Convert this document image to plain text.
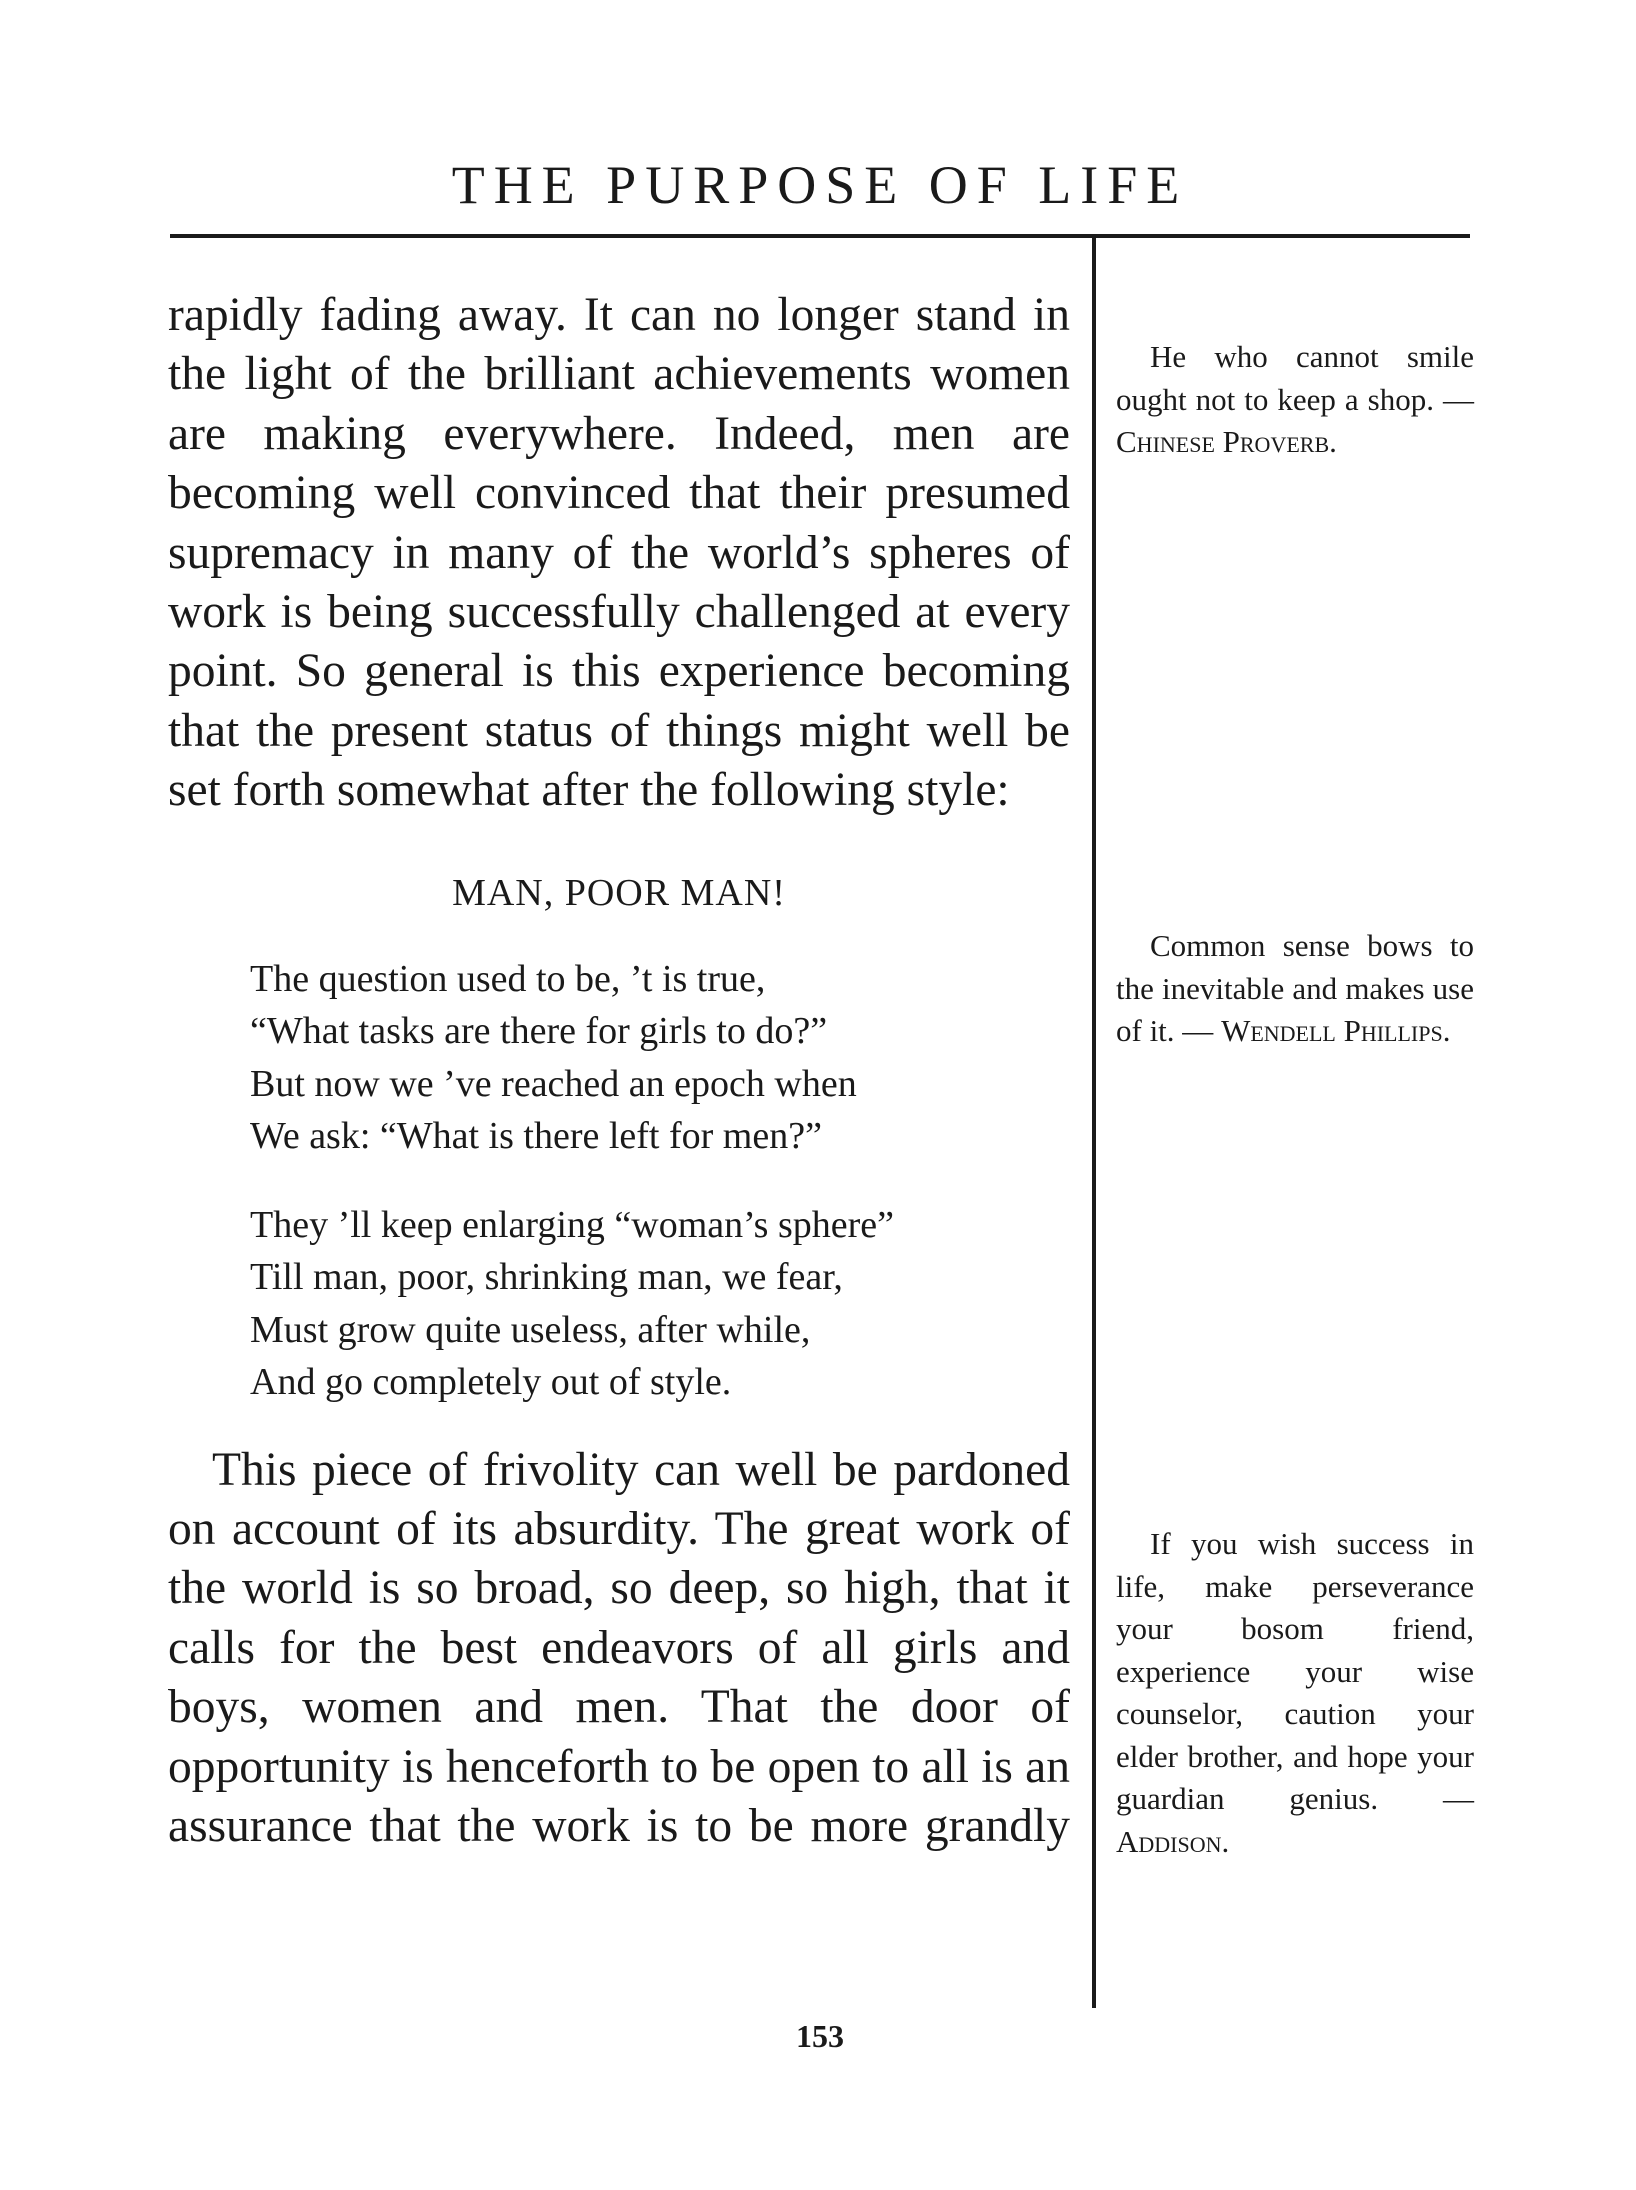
THE PURPOSE OF LIFE

rapidly fading away. It can no longer stand in the light of the brilliant achievements women are making everywhere. Indeed, men are becoming well convinced that their presumed supremacy in many of the world’s spheres of work is being successfully challenged at every point. So general is this experience becoming that the present status of things might well be set forth somewhat after the following style:

MAN, POOR MAN!
The question used to be, ’t is true,
“What tasks are there for girls to do?”
But now we ’ve reached an epoch when
We ask: “What is there left for men?”
They ’ll keep enlarging “woman’s sphere”
Till man, poor, shrinking man, we fear,
Must grow quite useless, after while,
And go completely out of style.

This piece of frivolity can well be pardoned on account of its absurdity. The great work of the world is so broad, so deep, so high, that it calls for the best endeavors of all girls and boys, women and men. That the door of opportunity is henceforth to be open to all is an assurance that the work is to be more grandly

He who cannot smile ought not to keep a shop. — Chinese Proverb.

Common sense bows to the inevitable and makes use of it. — Wendell Phillips.

If you wish success in life, make perseverance your bosom friend, experience your wise counselor, caution your elder brother, and hope your guardian genius. — Addison.

153
